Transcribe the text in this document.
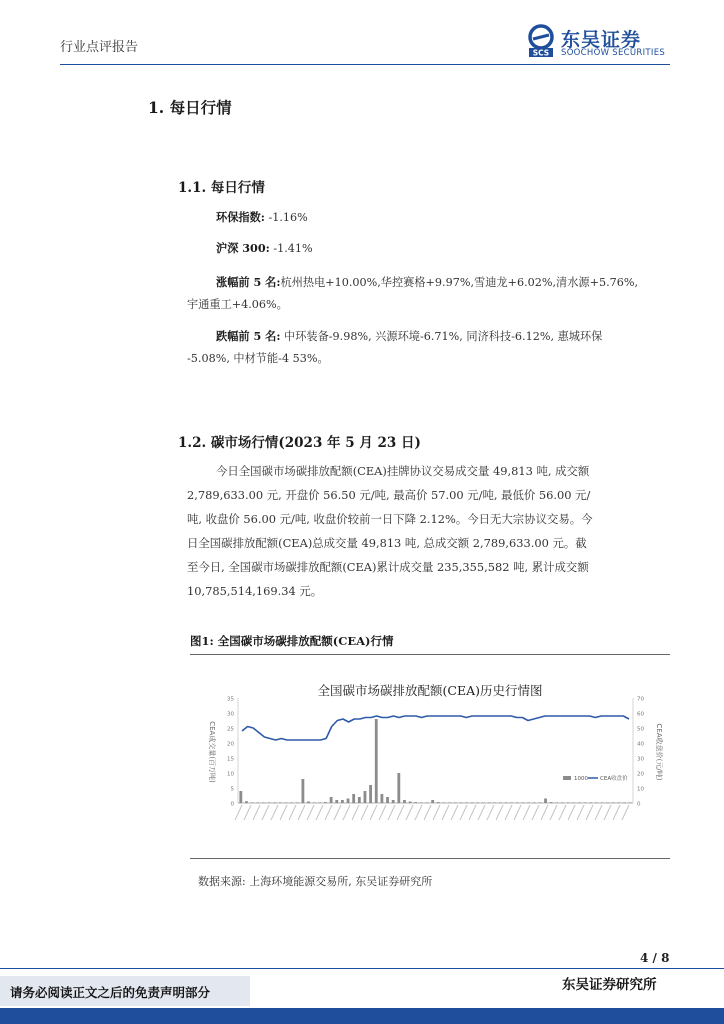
行业点评报告	SCS
东吴证券
SOOCHOW SECURITIES
1. 每日行情
1.1. 每日行情
环保指数: -1.16%
沪深 300: -1.41%
涨幅前 5 名:杭州热电+10.00%,华控赛格+9.97%,雪迪龙+6.02%,清水源+5.76%,
宇通重工+4.06%。
跌幅前 5 名: 中环装备-9.98%, 兴源环境-6.71%, 同济科技-6.12%, 惠城环保
-5.08%, 中材节能-4 53%。
1.2. 碳市场行情(2023 年 5 月 23 日)
今日全国碳市场碳排放配额(CEA)挂牌协议交易成交量 49,813 吨, 成交额
2,789,633.00 元, 开盘价 56.50 元/吨, 最高价 57.00 元/吨, 最低价 56.00 元/
吨, 收盘价 56.00 元/吨, 收盘价较前一日下降 2.12%。今日无大宗协议交易。今
日全国碳排放配额(CEA)总成交量 49,813 吨, 总成交额 2,789,633.00 元。截
至今日, 全国碳市场碳排放配额(CEA)累计成交量 235,355,582 吨, 累计成交额
10,785,514,169.34 元。
图1: 全国碳市场碳排放配额(CEA)行情
全国碳市场碳排放配额(CEA)历史行情图
35
30
25
20
15
10
5
0
70
60
50
40
30
20
10
0
CEA成交量(百万吨)	CEA收盘价(元/吨)
1000 CEA收盘价
数据来源: 上海环境能源交易所, 东吴证券研究所
4 / 8
东吴证券研究所
请务必阅读正文之后的免责声明部分
